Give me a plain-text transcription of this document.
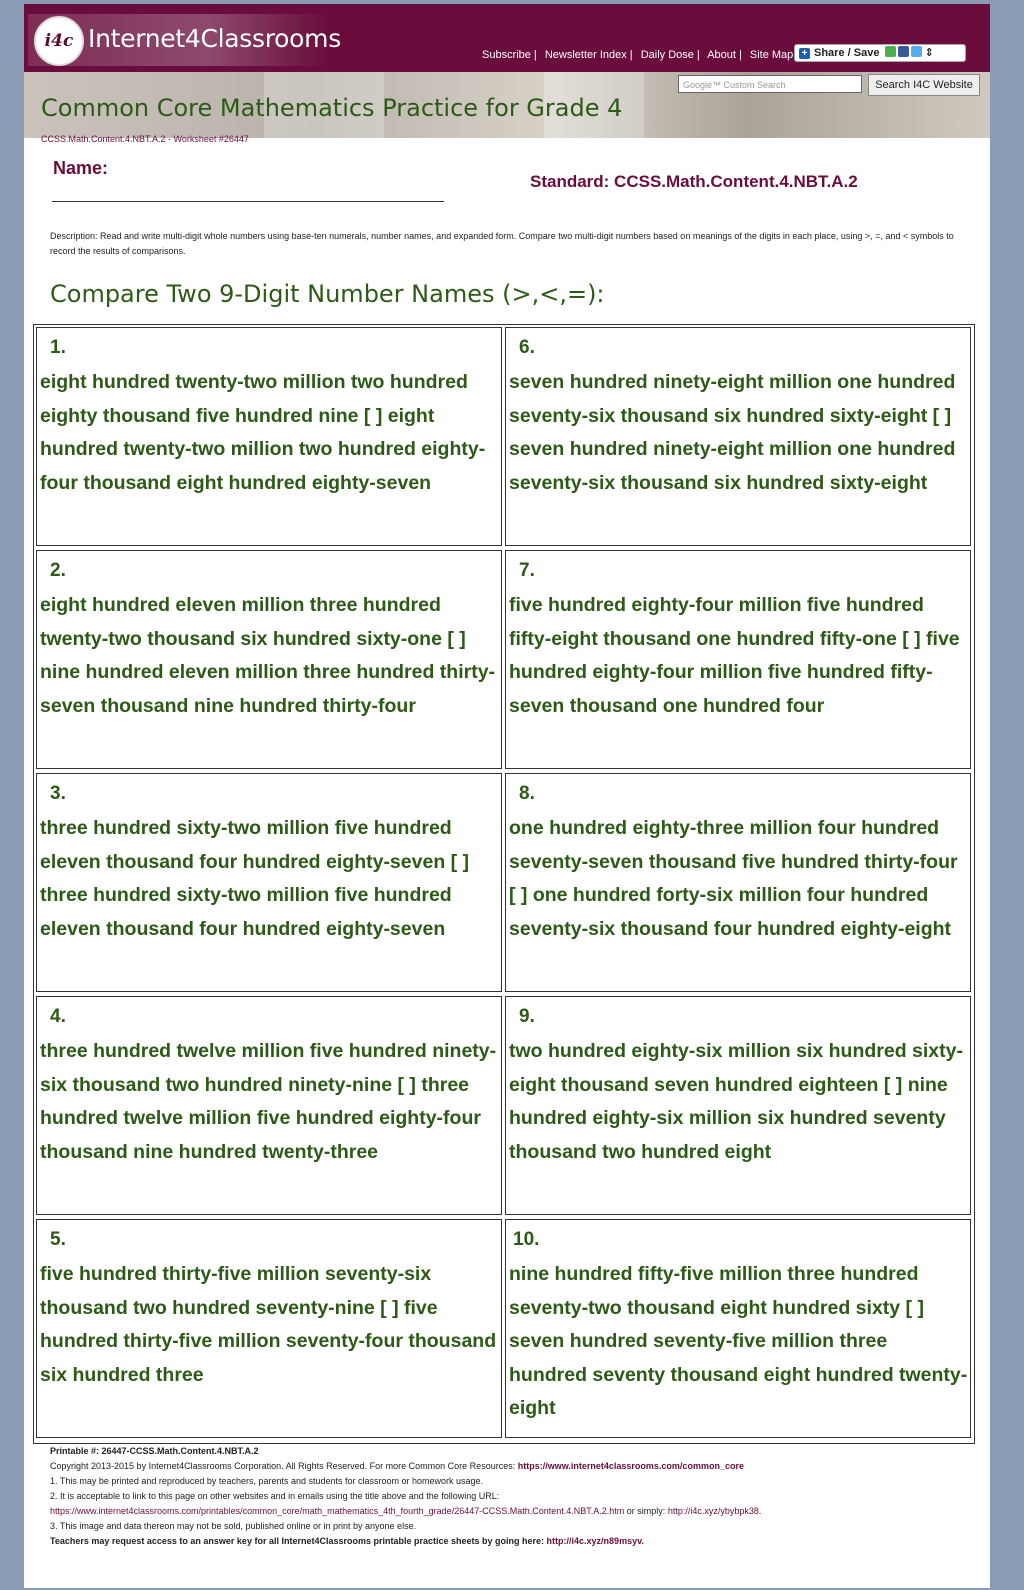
i4c Internet4Classrooms
Subscribe | Newsletter Index | Daily Dose | About | Site Map + Share / Save	⇕
Google™ Custom Search	Search I4C Website
Common Core Mathematics Practice for Grade 4
CCSS.Math.Content.4.NBT.A.2 - Worksheet #26447
Name:
Standard: CCSS.Math.Content.4.NBT.A.2
Description: Read and write multi-digit whole numbers using base-ten numerals, number names, and expanded form. Compare two multi-digit numbers based on meanings of the digits in each place, using >, =, and < symbols to record the results of comparisons.
Compare Two 9-Digit Number Names (>,<,=):
1.
eight hundred twenty-two million two hundred eighty thousand five hundred nine [ ] eight hundred twenty-two million two hundred eighty-four thousand eight hundred eighty-seven
6.
seven hundred ninety-eight million one hundred seventy-six thousand six hundred sixty-eight [ ] seven hundred ninety-eight million one hundred seventy-six thousand six hundred sixty-eight
2.
eight hundred eleven million three hundred twenty-two thousand six hundred sixty-one [ ] nine hundred eleven million three hundred thirty-seven thousand nine hundred thirty-four
7.
five hundred eighty-four million five hundred fifty-eight thousand one hundred fifty-one [ ] five hundred eighty-four million five hundred fifty-seven thousand one hundred four
3.
three hundred sixty-two million five hundred eleven thousand four hundred eighty-seven [ ] three hundred sixty-two million five hundred eleven thousand four hundred eighty-seven
8.
one hundred eighty-three million four hundred seventy-seven thousand five hundred thirty-four [ ] one hundred forty-six million four hundred seventy-six thousand four hundred eighty-eight
4.
three hundred twelve million five hundred ninety-six thousand two hundred ninety-nine [ ] three hundred twelve million five hundred eighty-four thousand nine hundred twenty-three
9.
two hundred eighty-six million six hundred sixty-eight thousand seven hundred eighteen [ ] nine hundred eighty-six million six hundred seventy thousand two hundred eight
5.
five hundred thirty-five million seventy-six thousand two hundred seventy-nine [ ] five hundred thirty-five million seventy-four thousand six hundred three
10.
nine hundred fifty-five million three hundred seventy-two thousand eight hundred sixty [ ] seven hundred seventy-five million three hundred seventy thousand eight hundred twenty-eight
Printable #: 26447-CCSS.Math.Content.4.NBT.A.2
Copyright 2013-2015 by Internet4Classrooms Corporation. All Rights Reserved. For more Common Core Resources: https://www.internet4classrooms.com/common_core
1. This may be printed and reproduced by teachers, parents and students for classroom or homework usage.
2. It is acceptable to link to this page on other websites and in emails using the title above and the following URL:
https://www.internet4classrooms.com/printables/common_core/math_mathematics_4th_fourth_grade/26447-CCSS.Math.Content.4.NBT.A.2.htm or simply: http://i4c.xyz/ybybpk38.
3. This image and data thereon may not be sold, published online or in print by anyone else.
Teachers may request access to an answer key for all Internet4Classrooms printable practice sheets by going here: http://i4c.xyz/n89msyv.
